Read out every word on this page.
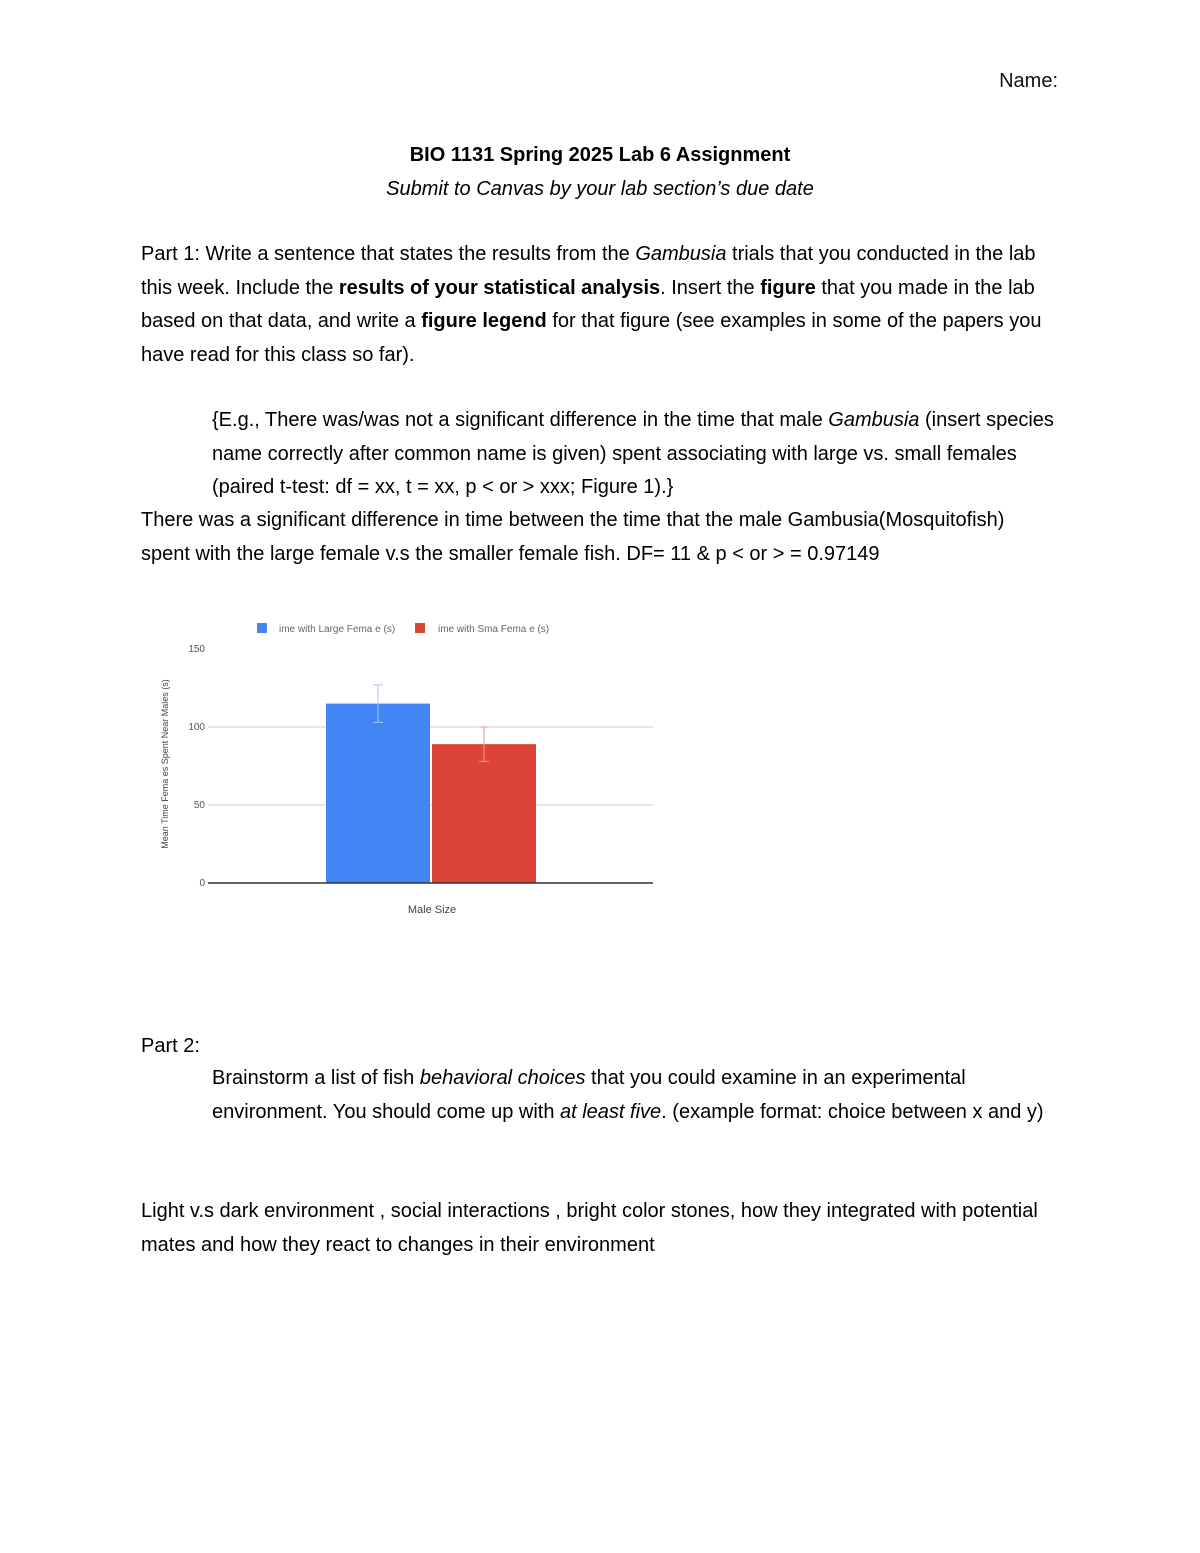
Name:
BIO 1131 Spring 2025 Lab 6 Assignment
Submit to Canvas by your lab section’s due date
Part 1: Write a sentence that states the results from the Gambusia trials that you conducted in the lab this week. Include the results of your statistical analysis. Insert the figure that you made in the lab based on that data, and write a figure legend for that figure (see examples in some of the papers you have read for this class so far).
{E.g., There was/was not a significant difference in the time that male Gambusia (insert species name correctly after common name is given) spent associating with large vs. small females (paired t-test: df = xx, t = xx, p < or > xxx; Figure 1).}
There was a significant difference in time between the time that the male Gambusia(Mosquitofish) spent with the large female v.s the smaller female fish. DF= 11 & p < or > = 0.97149
ime with Large Fema e (s)	ime with Sma Fema e (s)
0
50
100
150
Male Size
Mean Time Fema es Spent Near Males (s)
Part 2:
Brainstorm a list of fish behavioral choices that you could examine in an experimental environment. You should come up with at least five. (example format: choice between x and y)
Light v.s dark environment , social interactions , bright color stones, how they integrated with potential mates and how they react to changes in their environment
